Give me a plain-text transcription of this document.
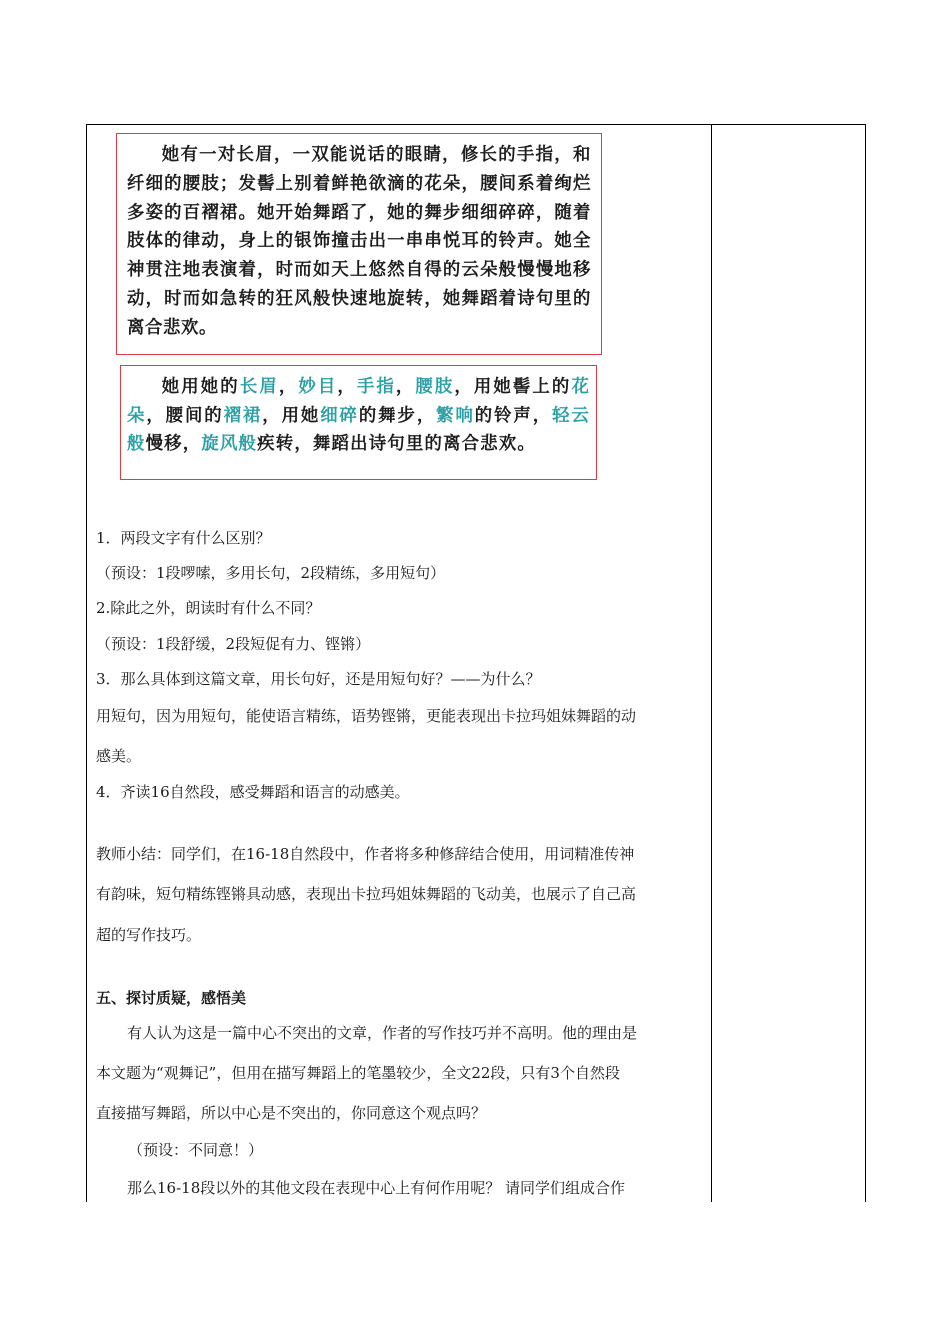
她有一对长眉，一双能说话的眼睛，修长的手指，和纤细的腰肢；发髻上别着鲜艳欲滴的花朵，腰间系着绚烂多姿的百褶裙。她开始舞蹈了，她的舞步细细碎碎，随着肢体的律动，身上的银饰撞击出一串串悦耳的铃声。她全神贯注地表演着，时而如天上悠然自得的云朵般慢慢地移动，时而如急转的狂风般快速地旋转，她舞蹈着诗句里的离合悲欢。

她用她的长眉，妙目，手指，腰肢，用她髻上的花朵，腰间的褶裙，用她细碎的舞步，繁响的铃声，轻云般慢移，旋风般疾转，舞蹈出诗句里的离合悲欢。

1．两段文字有什么区别？

（预设：1段啰嗦，多用长句，2段精练，多用短句）

2.除此之外，朗读时有什么不同？

（预设：1段舒缓，2段短促有力、铿锵）

3．那么具体到这篇文章，用长句好，还是用短句好？——为什么？

用短句，因为用短句，能使语言精练，语势铿锵，更能表现出卡拉玛姐妹舞蹈的动

感美。

4．齐读16自然段，感受舞蹈和语言的动感美。

教师小结：同学们，在16-18自然段中，作者将多种修辞结合使用，用词精准传神

有韵味，短句精练铿锵具动感，表现出卡拉玛姐妹舞蹈的飞动美，也展示了自己高

超的写作技巧。

五、探讨质疑，感悟美

有人认为这是一篇中心不突出的文章，作者的写作技巧并不高明。他的理由是

本文题为“观舞记”，但用在描写舞蹈上的笔墨较少，全文22段，只有3个自然段

直接描写舞蹈，所以中心是不突出的，你同意这个观点吗？

（预设：不同意！）

那么16-18段以外的其他文段在表现中心上有何作用呢？ 请同学们组成合作
